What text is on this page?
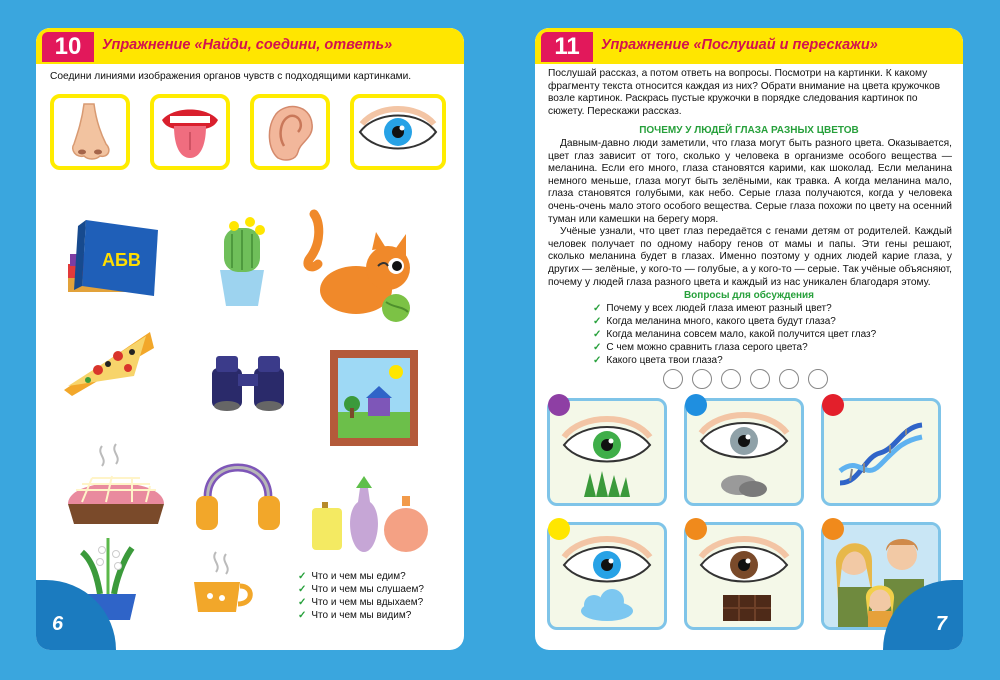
10	Упражнение «Найди, соедини, ответь»
Соедини линиями изображения органов чувств с подходящими картинками.
АБВ
✓ Что и чем мы едим?
✓ Что и чем мы слушаем?
✓ Что и чем мы вдыхаем?
✓ Что и чем мы видим?
6
11	Упражнение «Послушай и перескажи»
Послушай рассказ, а потом ответь на вопросы. Посмотри на картинки. К какому фрагменту текста относится каждая из них? Обрати внимание на цвета кружочков возле картинок. Раскрась пустые кружочки в порядке следования картинок по сюжету. Перескажи рассказ.
ПОЧЕМУ У ЛЮДЕЙ ГЛАЗА РАЗНЫХ ЦВЕТОВ

Давным-давно люди заметили, что глаза могут быть разного цвета. Оказывается, цвет глаз зависит от того, сколько у человека в организме особого вещества — меланина. Если его много, глаза становятся карими, как шоколад. Если меланина немного меньше, глаза могут быть зелёными, как травка. А когда меланина мало, глаза становятся голубыми, как небо. Серые глаза получаются, когда у человека очень-очень мало этого особого вещества. Серые глаза похожи по цвету на осенний туман или камешки на берегу моря.

Учёные узнали, что цвет глаз передаётся с генами детям от родителей. Каждый человек получает по одному набору генов от мамы и папы. Эти гены решают, сколько меланина будет в глазах. Именно поэтому у одних людей карие глаза, у других — зелёные, у кого-то — голубые, а у кого-то — серые. Так учёные объясняют, почему у людей глаза разного цвета и каждый из нас уникален благодаря этому.

Вопросы для обсуждения
✓ Почему у всех людей глаза имеют разный цвет?
✓ Когда меланина много, какого цвета будут глаза?
✓ Когда меланина совсем мало, какой получится цвет глаз?
✓ С чем можно сравнить глаза серого цвета?
✓ Какого цвета твои глаза?
7
